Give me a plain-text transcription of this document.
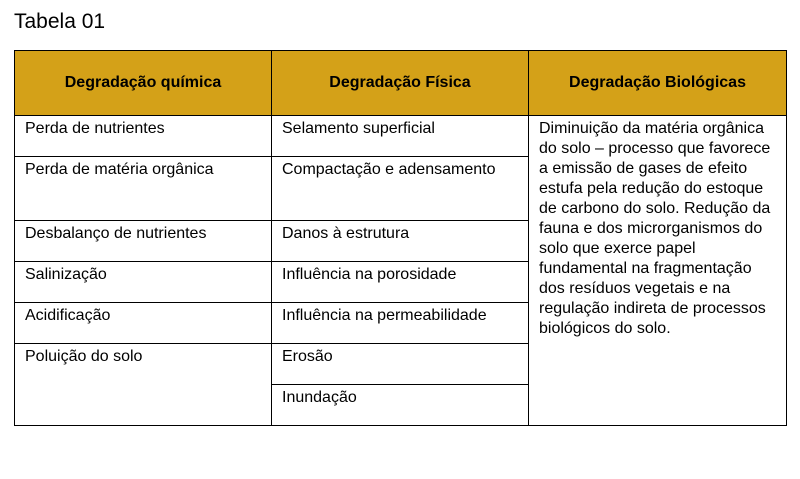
Tabela 01
Degradação química	Degradação Física	Degradação Biológicas
Perda de nutrientes	Selamento superficial	Diminuição da matéria orgânica do solo – processo que favorece a emissão de gases de efeito estufa pela redução do estoque de carbono do solo. Redução da fauna e dos microrganismos do solo que exerce papel fundamental na fragmentação dos resíduos vegetais e na regulação indireta de processos biológicos do solo.
Perda de matéria orgânica	Compactação e adensamento	
Desbalanço de nutrientes	Danos à estrutura	
Salinização	Influência na porosidade	
Acidificação	Influência na permeabilidade	
Poluição do solo	Erosão	
	Inundação	
